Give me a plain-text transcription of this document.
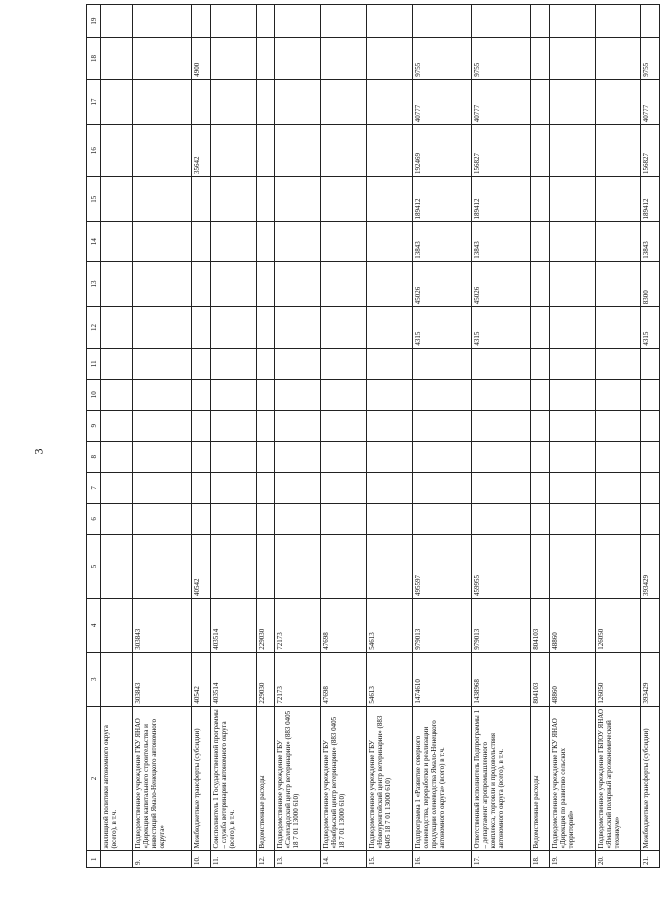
3
1	2	3	4	5	6	7	8	9	10	11	12	13	14	15	16	17	18	19
	жилищной политики автономного округа (всего), в т.ч.																	
9.	Подведомственное учреждение ГКУ ЯНАО «Дирекция капитального строительства и инвестиций Ямало-Ненецкого автономного округа»	303843	303843															
10.	Межбюджетные трансферты (субсидии)	40542		40542											35642		4900	
11.	Соисполнитель 1 Государственной программы – служба ветеринарии автономного округа (всего), в т.ч.	403514	403514															
12.	Ведомственные расходы	229030	229030															
13.	Подведомственное учреждение ГБУ «Салехардский центр ветеринарии» (883 0405 18 7 01 13000 610)	72173	72173															
14.	Подведомственное учреждение ГБУ «Ноябрьский центр ветеринарии» (883 0405 18 7 01 13000 610)	47698	47698															
15.	Подведомственное учреждение ГБУ «Новоуренгойский центр ветеринарии» (883 0405 18 7 01 13000 610)	54613	54613															
16.	Подпрограмма 1 «Развитие северного оленеводства, переработки и реализации продукции оленеводства Ямало-Ненецкого автономного округа» (всего) в т.ч.	1474610	979013	495597							4315	45026	13843	189412	192469	40777	9755	
17.	Ответственный исполнитель Подпрограммы 1 – департамент агропромышленного комплекса, торговли и продовольствия автономного округа (всего), в т.ч.	1438968	979013	459955							4315	45026	13843	189412	156827	40777	9755	
18.	Ведомственные расходы	804103	804103															
19.	Подведомственное учреждение ГКУ ЯНАО «Дирекция по развитию сельских территорий»	48860	48860															
20.	Подведомственное учреждение ГБПОУ ЯНАО «Ямальский полярный агроэкономический техникум»	126050	126050															
21.	Межбюджетные трансферты (субсидии)	393429		393429							4315	8300	13843	189412	156827	40777	9755	
